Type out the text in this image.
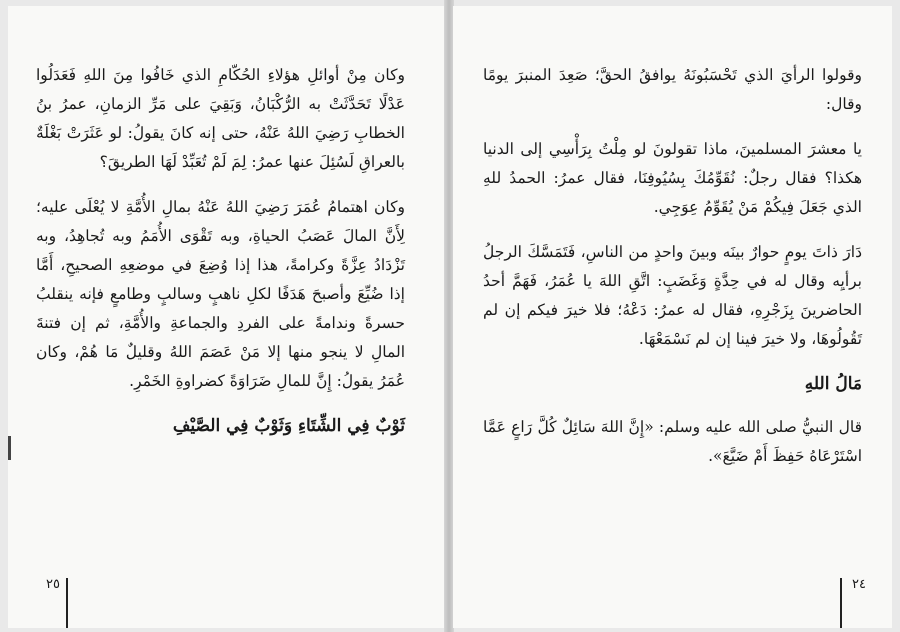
وكان مِنْ أوائلِ هؤلاءِ الحُكّامِ الذي خَافُوا مِنَ اللهِ فَعَدَلُوا عَدْلًا تَحَدَّثَتْ به الرُّكْبَانُ، وَبَقِيَ على مَرِّ الزمانِ، عمرُ بنُ الخطابِ رَضِيَ اللهُ عَنْهُ، حتى إنه كانَ يقولُ: لو عَثَرَتْ بَغْلَةٌ بالعراقِ لَسُئِلَ عنها عمرُ: لِمَ لَمْ تُعَبِّدْ لَهَا الطريقَ؟

وكان اهتمامُ عُمَرَ رَضِيَ اللهُ عَنْهُ بمالِ الأُمَّةِ لا يُعْلَى عليه؛ لِأَنَّ المالَ عَصَبُ الحياةِ، وبه تَقْوَى الأُمَمُ وبه تُجاهِدُ، وبه تَزْدَادُ عِزَّةً وكرامةً، هذا إذا وُضِعَ في موضعِهِ الصحيحِ، أَمَّا إذا ضُيِّعَ وأصبحَ هَدَفًا لكلِ ناهبٍ وسالبٍ وطامعٍ فإنه ينقلبُ حسرةً وندامةً على الفردِ والجماعةِ والأُمَّةِ، ثم إن فتنةَ المالِ لا ينجو منها إلا مَنْ عَصَمَ اللهُ وقليلٌ مَا هُمْ، وكان عُمَرُ يقولُ: إِنَّ للمالِ ضَرَاوَةً كضراوةِ الخَمْرِ.

ثَوْبٌ فِي الشِّتَاءِ وَثَوْبٌ فِي الصَّيْفِ

٢٥

وقولوا الرأيَ الذي تَحْسَبُونَهُ يوافقُ الحقَّ؛ صَعِدَ المنبرَ يومًا وقال:

يا معشرَ المسلمينَ، ماذا تقولونَ لو مِلْتُ بِرَأْسِي إلى الدنيا هكذا؟ فقال رجلٌ: نُقَوِّمُكَ بِسُيُوفِنَا، فقال عمرُ: الحمدُ للهِ الذي جَعَلَ فِيكُمْ مَنْ يُقَوِّمُ عِوَجِي.

دَارَ ذاتَ يومٍ حوارٌ بينَه وبينَ واحدٍ من الناسِ، فَتَمَسَّكَ الرجلُ برأيِه وقال له في حِدَّةٍ وَغَضَبٍ: اتَّقِ اللهَ يا عُمَرُ، فَهَمَّ أحدُ الحاضرينَ بِزَجْرِهِ، فقال له عمرُ: دَعْهُ؛ فلا خيرَ فيكم إن لم تَقُولُوهَا، ولا خيرَ فينا إن لم نَسْمَعْهَا.

مَالُ اللهِ

قال النبيُّ صلى الله عليه وسلم: «إِنَّ اللهَ سَائِلٌ كُلَّ رَاعٍ عَمَّا اسْتَرْعَاهُ حَفِظَ أَمْ ضَيَّعَ».

٢٤
